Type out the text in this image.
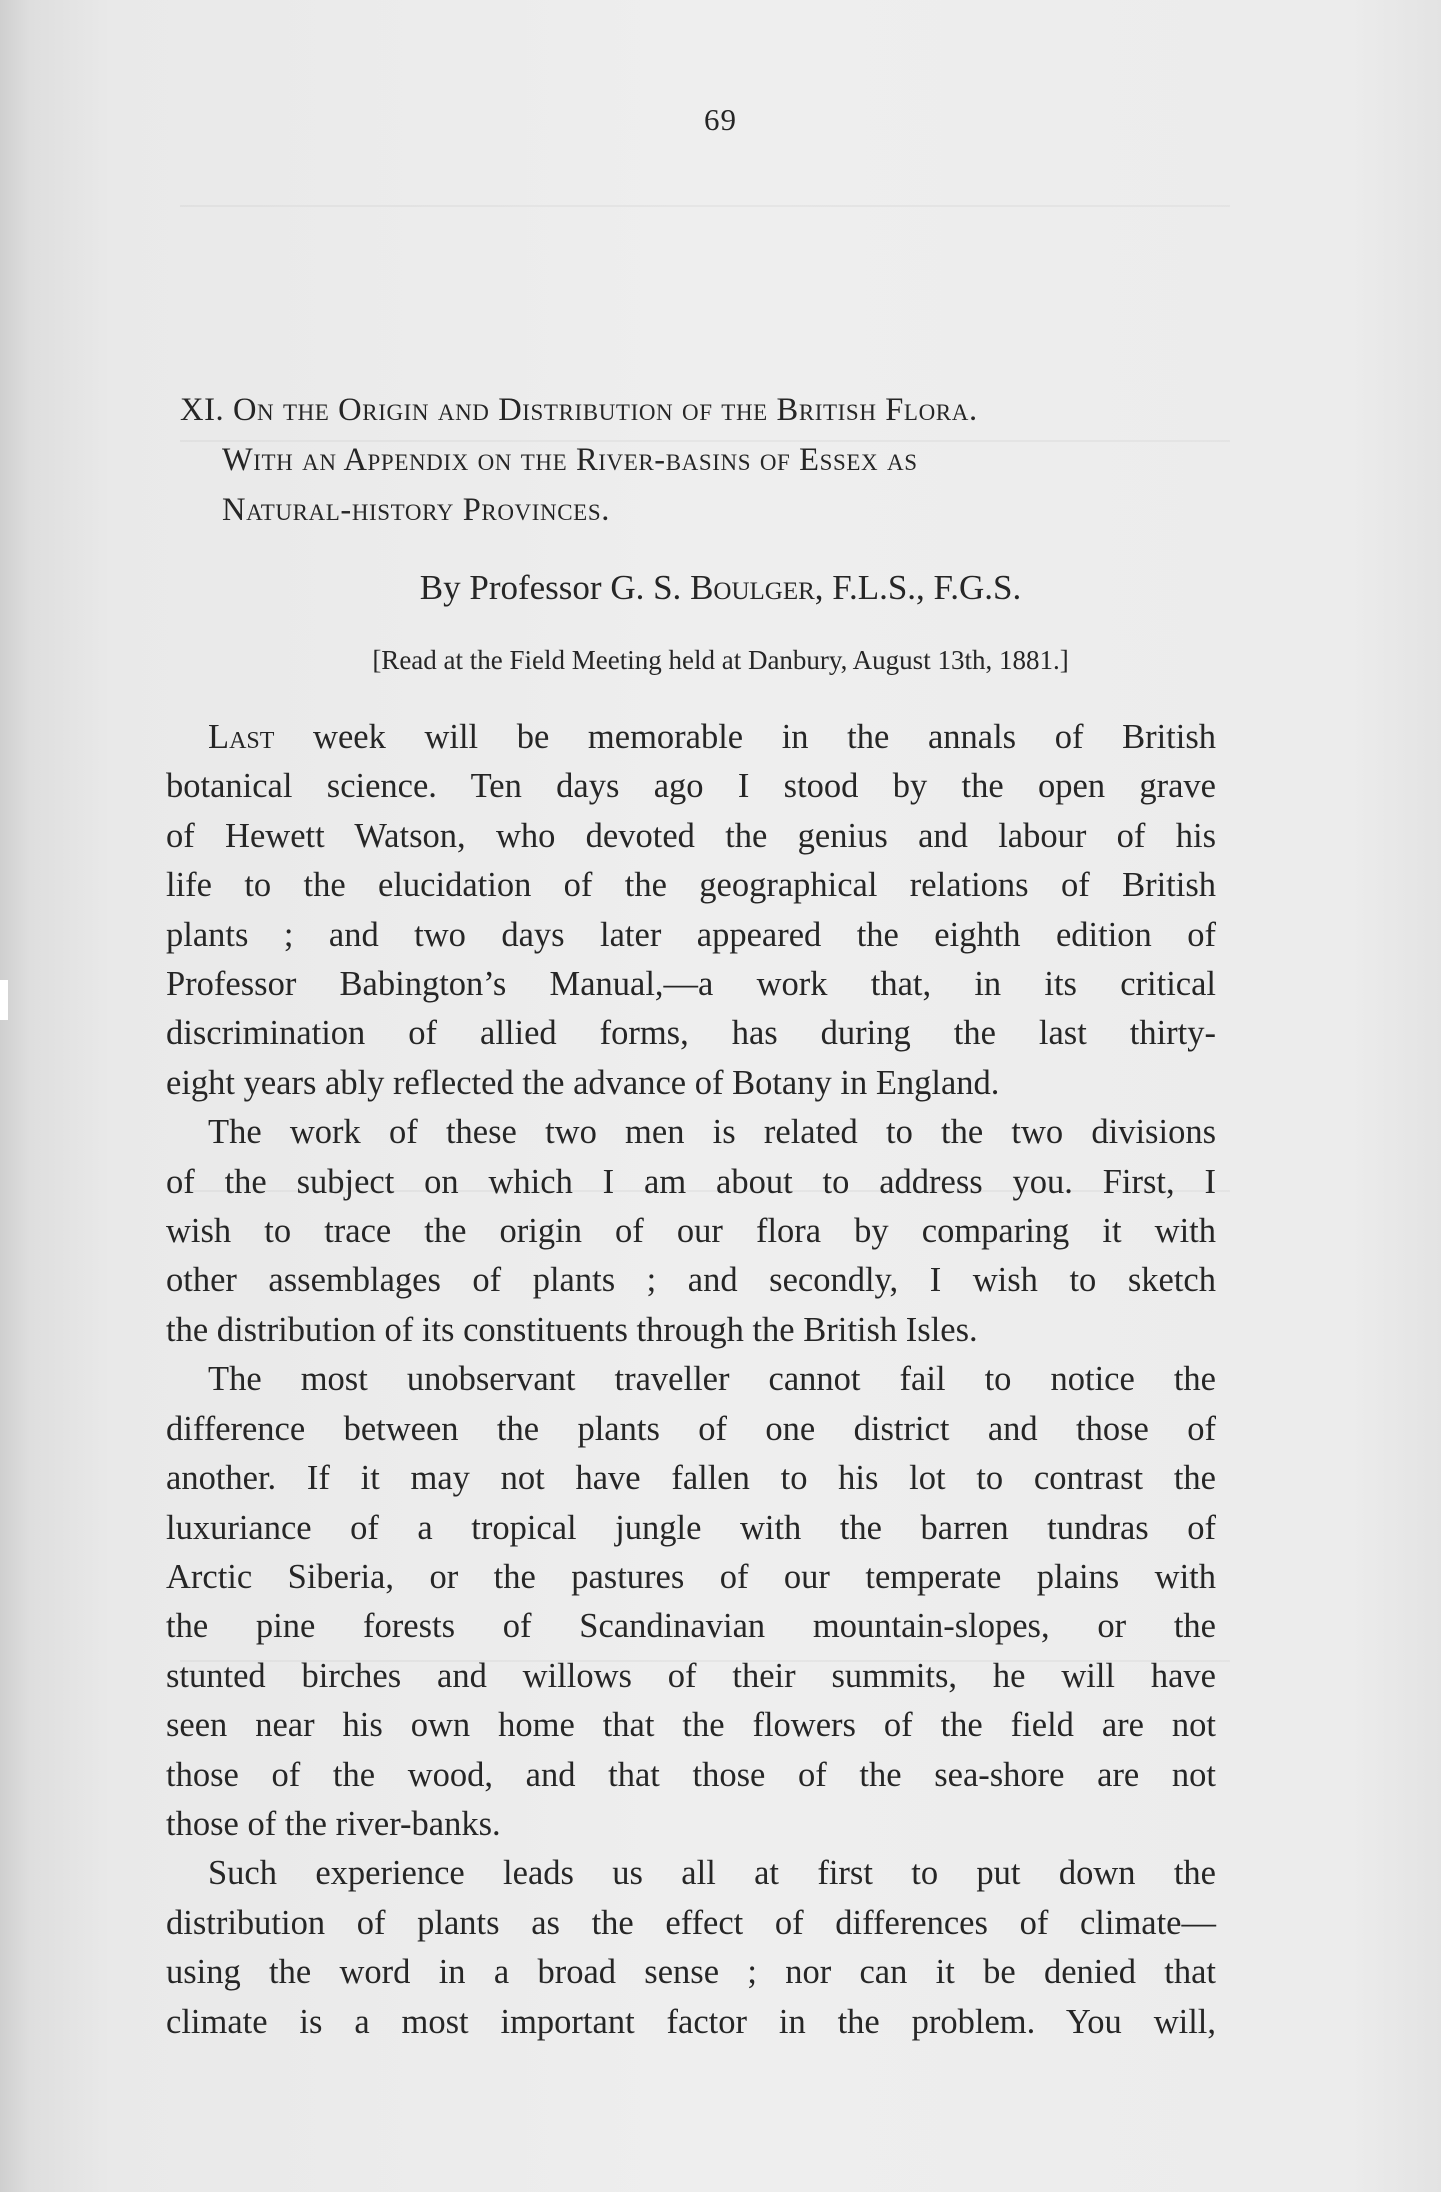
69
XI. On the Origin and Distribution of the British Flora.
With an Appendix on the River-basins of Essex as
Natural-history Provinces.
By Professor G. S. Boulger, F.L.S., F.G.S.
[Read at the Field Meeting held at Danbury, August 13th, 1881.]
Last week will be memorable in the annals of British
botanical science. Ten days ago I stood by the open grave
of Hewett Watson, who devoted the genius and labour of his
life to the elucidation of the geographical relations of British
plants ; and two days later appeared the eighth edition of
Professor Babington’s Manual,—a work that, in its critical
discrimination of allied forms, has during the last thirty-
eight years ably reflected the advance of Botany in England.
The work of these two men is related to the two divisions
of the subject on which I am about to address you. First, I
wish to trace the origin of our flora by comparing it with
other assemblages of plants ; and secondly, I wish to sketch
the distribution of its constituents through the British Isles.
The most unobservant traveller cannot fail to notice the
difference between the plants of one district and those of
another. If it may not have fallen to his lot to contrast the
luxuriance of a tropical jungle with the barren tundras of
Arctic Siberia, or the pastures of our temperate plains with
the pine forests of Scandinavian mountain-slopes, or the
stunted birches and willows of their summits, he will have
seen near his own home that the flowers of the field are not
those of the wood, and that those of the sea-shore are not
those of the river-banks.
Such experience leads us all at first to put down the
distribution of plants as the effect of differences of climate—
using the word in a broad sense ; nor can it be denied that
climate is a most important factor in the problem. You will,
